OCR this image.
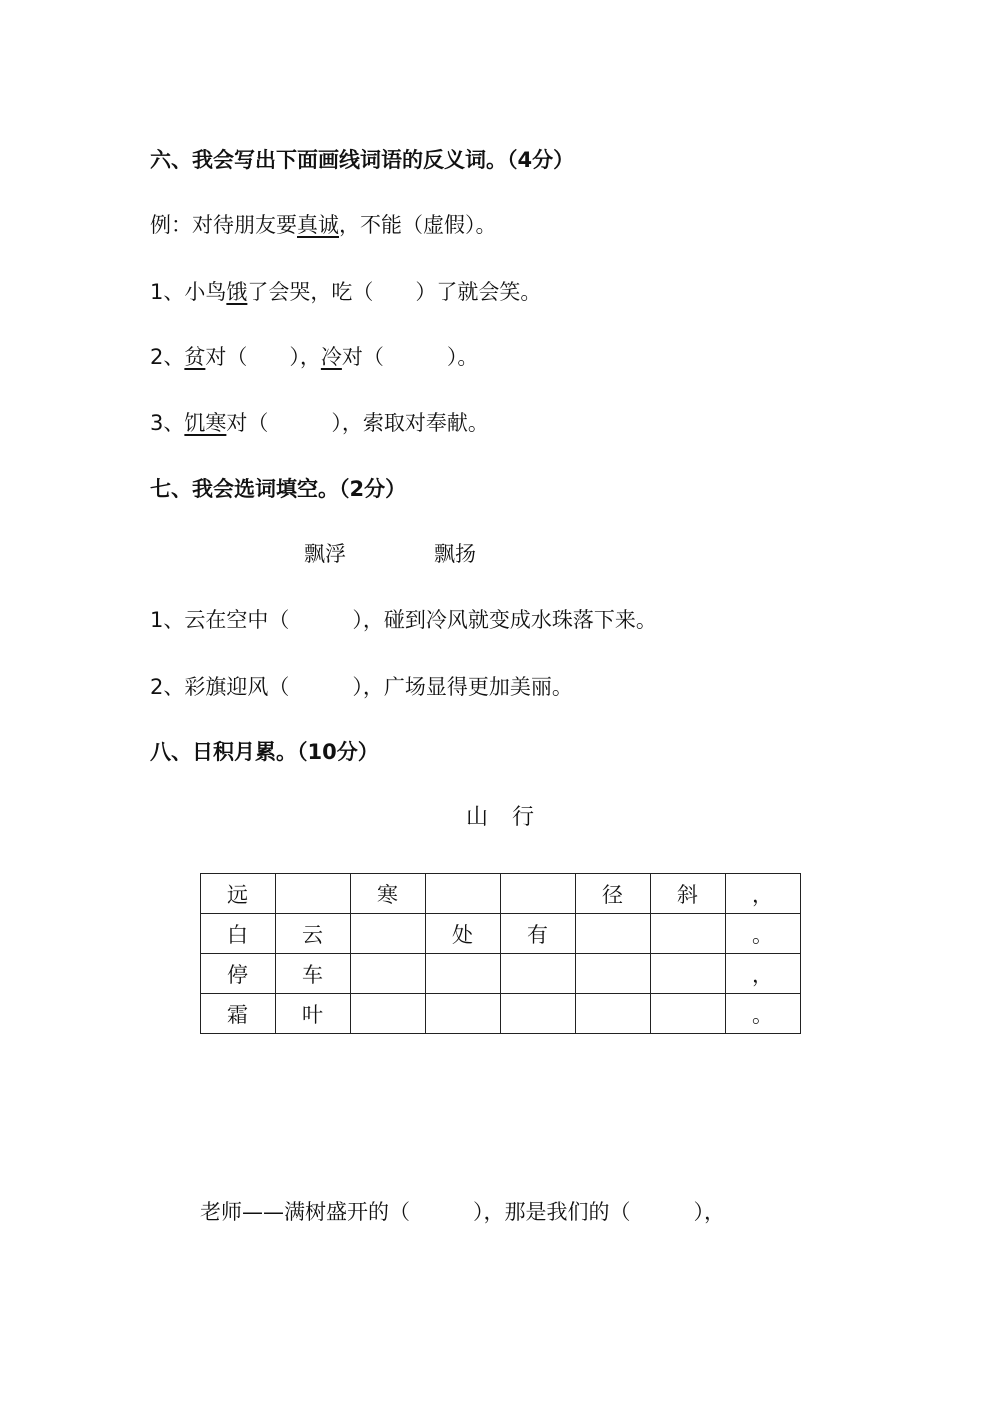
六、我会写出下面画线词语的反义词。（4分）
例：对待朋友要真诚，不能（虚假）。
1、小鸟饿了会哭，吃（　　）了就会笑。
2、贫对（　　），冷对（　　　）。
3、饥寒对（　　　），索取对奉献。
七、我会选词填空。（2分）
飘浮	飘扬
1、云在空中（　　　），碰到冷风就变成水珠落下来。
2、彩旗迎风（　　　），广场显得更加美丽。
八、日积月累。（10分）
山 行
远		寒			径	斜	，
白	云		处	有			。
停	车						，
霜	叶						。
老师——满树盛开的（　　　），那是我们的（　　　），
